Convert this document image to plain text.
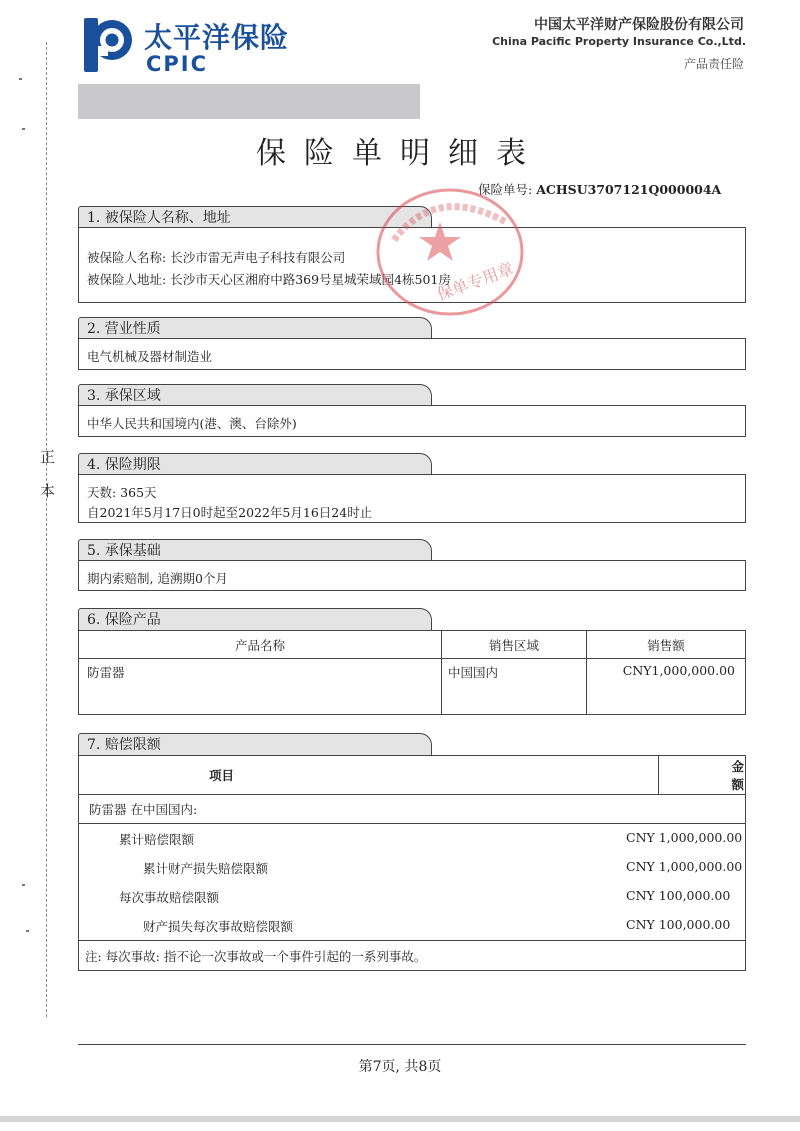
正
本
太平洋保险
CPIC
中国太平洋财产保险股份有限公司
China Pacific Property Insurance Co.,Ltd.
产品责任险
保险单明细表
保险单号: ACHSU3707121Q000004A
1. 被保险人名称、地址
被保险人名称: 长沙市雷无声电子科技有限公司
被保险人地址: 长沙市天心区湘府中路369号星城荣域园4栋501房
2. 营业性质
电气机械及器材制造业
3. 承保区域
中华人民共和国境内(港、澳、台除外)
4. 保险期限
天数: 365天
自2021年5月17日0时起至2022年5月16日24时止
5. 承保基础
期内索赔制, 追溯期0个月
6. 保险产品
产品名称	销售区域	销售额
防雷器	中国国内	CNY1,000,000.00
7. 赔偿限额
项目	金额
防雷器 在中国国内:

累计赔偿限额	CNY 1,000,000.00
累计财产损失赔偿限额	CNY 1,000,000.00
每次事故赔偿限额	CNY 100,000.00
财产损失每次事故赔偿限额	CNY 100,000.00

注: 每次事故: 指不论一次事故或一个事件引起的一系列事故。
保单专用章
第7页, 共8页
